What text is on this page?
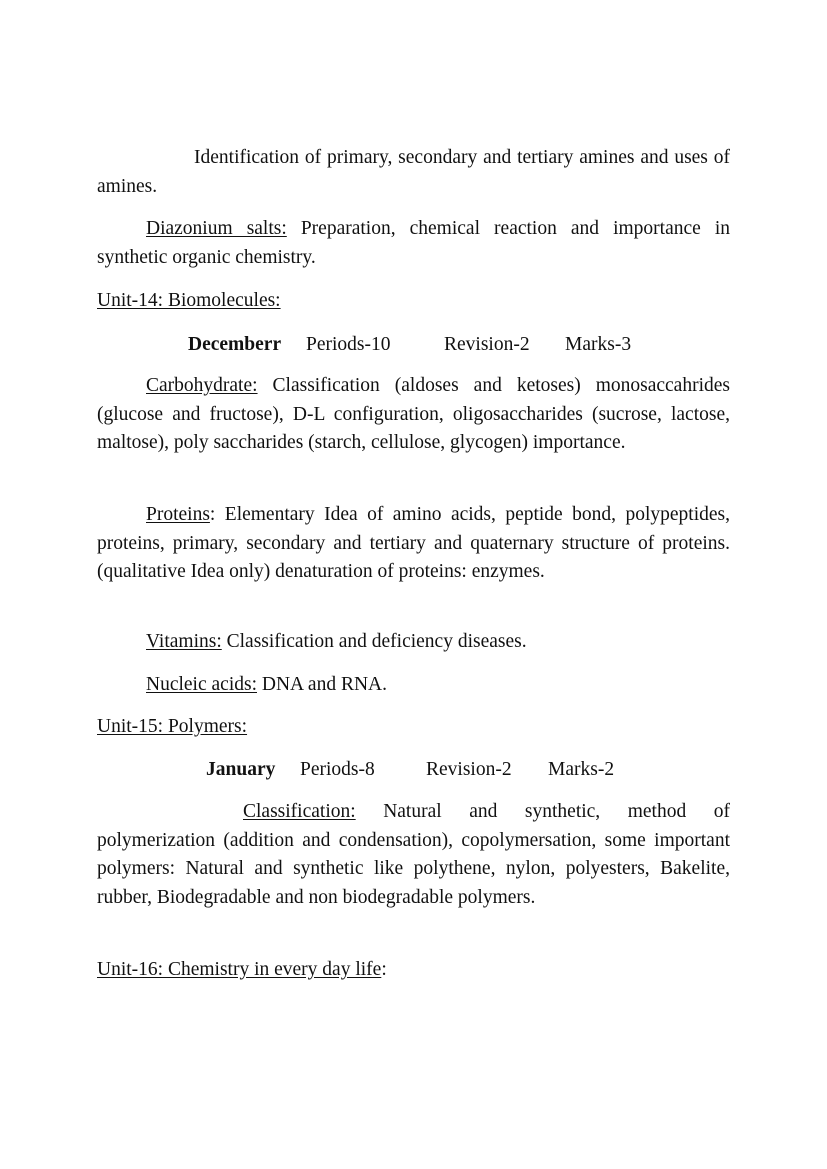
Identification of primary, secondary and tertiary amines and uses of amines.

Diazonium salts: Preparation, chemical reaction and importance in synthetic organic chemistry.

Unit-14: Biomolecules:

Decemberr Periods-10	Revision-2 Marks-3

Carbohydrate: Classification (aldoses and ketoses) monosaccahrides (glucose and fructose), D-L configuration, oligosaccharides (sucrose, lactose, maltose), poly saccharides (starch, cellulose, glycogen) importance.

Proteins: Elementary Idea of amino acids, peptide bond, polypeptides, proteins, primary, secondary and tertiary and quaternary structure of proteins. (qualitative Idea only) denaturation of proteins: enzymes.

Vitamins: Classification and deficiency diseases.

Nucleic acids: DNA and RNA.

Unit-15: Polymers:

January Periods-8	Revision-2 Marks-2

Classification: Natural and synthetic, method of polymerization (addition and condensation), copolymersation, some important polymers: Natural and synthetic like polythene, nylon, polyesters, Bakelite, rubber, Biodegradable and non biodegradable polymers.

Unit-16: Chemistry in every day life:
